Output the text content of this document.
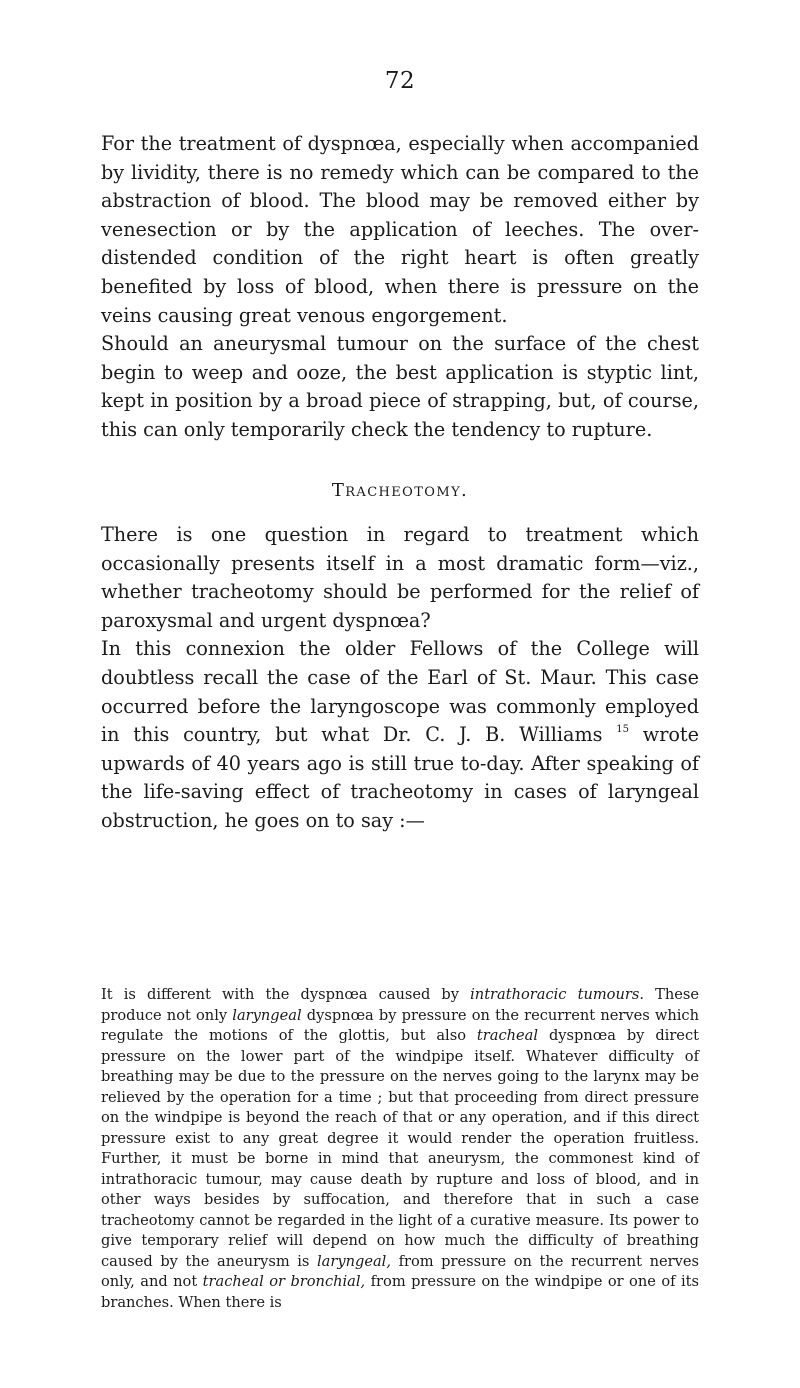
72

For the treatment of dyspnœa, especially when accompanied by lividity, there is no remedy which can be compared to the abstraction of blood. The blood may be removed either by venesection or by the application of leeches. The over-distended condition of the right heart is often greatly benefited by loss of blood, when there is pressure on the veins causing great venous engorgement.

Should an aneurysmal tumour on the surface of the chest begin to weep and ooze, the best application is styptic lint, kept in position by a broad piece of strapping, but, of course, this can only temporarily check the tendency to rupture.

Tracheotomy.

There is one question in regard to treatment which occasionally presents itself in a most dramatic form—viz., whether tracheotomy should be performed for the relief of paroxysmal and urgent dyspnœa?

In this connexion the older Fellows of the College will doubtless recall the case of the Earl of St. Maur. This case occurred before the laryngoscope was commonly employed in this country, but what Dr. C. J. B. Williams $^{15}$ wrote upwards of 40 years ago is still true to-day. After speaking of the life-saving effect of tracheotomy in cases of laryngeal obstruction, he goes on to say :—

It is different with the dyspnœa caused by intrathoracic tumours. These produce not only laryngeal dyspnœa by pressure on the recurrent nerves which regulate the motions of the glottis, but also tracheal dyspnœa by direct pressure on the lower part of the windpipe itself. Whatever difficulty of breathing may be due to the pressure on the nerves going to the larynx may be relieved by the operation for a time ; but that proceeding from direct pressure on the windpipe is beyond the reach of that or any operation, and if this direct pressure exist to any great degree it would render the operation fruitless. Further, it must be borne in mind that aneurysm, the commonest kind of intrathoracic tumour, may cause death by rupture and loss of blood, and in other ways besides by suffocation, and therefore that in such a case tracheotomy cannot be regarded in the light of a curative measure. Its power to give temporary relief will depend on how much the difficulty of breathing caused by the aneurysm is laryngeal, from pressure on the recurrent nerves only, and not tracheal or bronchial, from pressure on the windpipe or one of its branches. When there is
